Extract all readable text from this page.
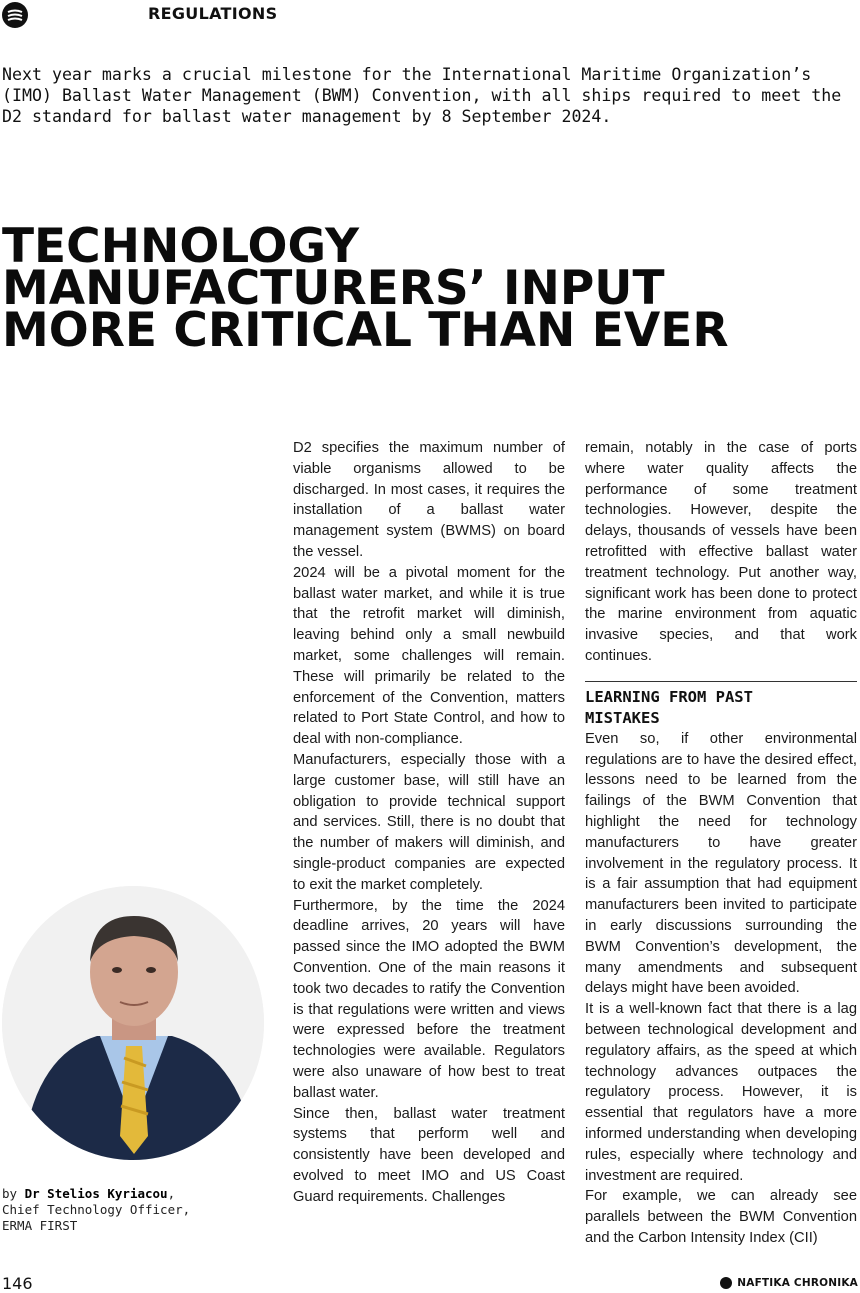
REGULATIONS
Next year marks a crucial milestone for the International Maritime Organization’s (IMO) Ballast Water Management (BWM) Convention, with all ships required to meet the D2 standard for ballast water management by 8 September 2024.
TECHNOLOGY
MANUFACTURERS’ INPUT
MORE CRITICAL THAN EVER
by Dr Stelios Kyriacou,
Chief Technology Officer,
ERMA FIRST

D2 specifies the maximum number of viable organisms allowed to be discharged. In most cases, it requires the installation of a ballast water management system (BWMS) on board the vessel.

2024 will be a pivotal moment for the ballast water market, and while it is true that the retrofit market will diminish, leaving behind only a small newbuild market, some challenges will remain. These will primarily be related to the enforcement of the Convention, matters related to Port State Control, and how to deal with non-compliance.

Manufacturers, especially those with a large customer base, will still have an obligation to provide technical support and services. Still, there is no doubt that the number of makers will diminish, and single-product companies are expected to exit the market completely.

Furthermore, by the time the 2024 deadline arrives, 20 years will have passed since the IMO adopted the BWM Convention. One of the main reasons it took two decades to ratify the Convention is that regulations were written and views were expressed before the treatment technologies were available. Regulators were also unaware of how best to treat ballast water.

Since then, ballast water treatment systems that perform well and consistently have been developed and evolved to meet IMO and US Coast Guard requirements. Challenges

remain, notably in the case of ports where water quality affects the performance of some treatment technologies. However, despite the delays, thousands of vessels have been retrofitted with effective ballast water treatment technology. Put another way, significant work has been done to protect the marine environment from aquatic invasive species, and that work continues.

LEARNING FROM PAST
MISTAKES

Even so, if other environmental regulations are to have the desired effect, lessons need to be learned from the failings of the BWM Convention that highlight the need for technology manufacturers to have greater involvement in the regulatory process. It is a fair assumption that had equipment manufacturers been invited to participate in early discussions surrounding the BWM Convention’s development, the many amendments and subsequent delays might have been avoided.

It is a well-known fact that there is a lag between technological development and regulatory affairs, as the speed at which technology advances outpaces the regulatory process. However, it is essential that regulators have a more informed understanding when developing rules, especially where technology and investment are required.

For example, we can already see parallels between the BWM Convention and the Carbon Intensity Index (CII)

146	NAFTIKA CHRONIKA
